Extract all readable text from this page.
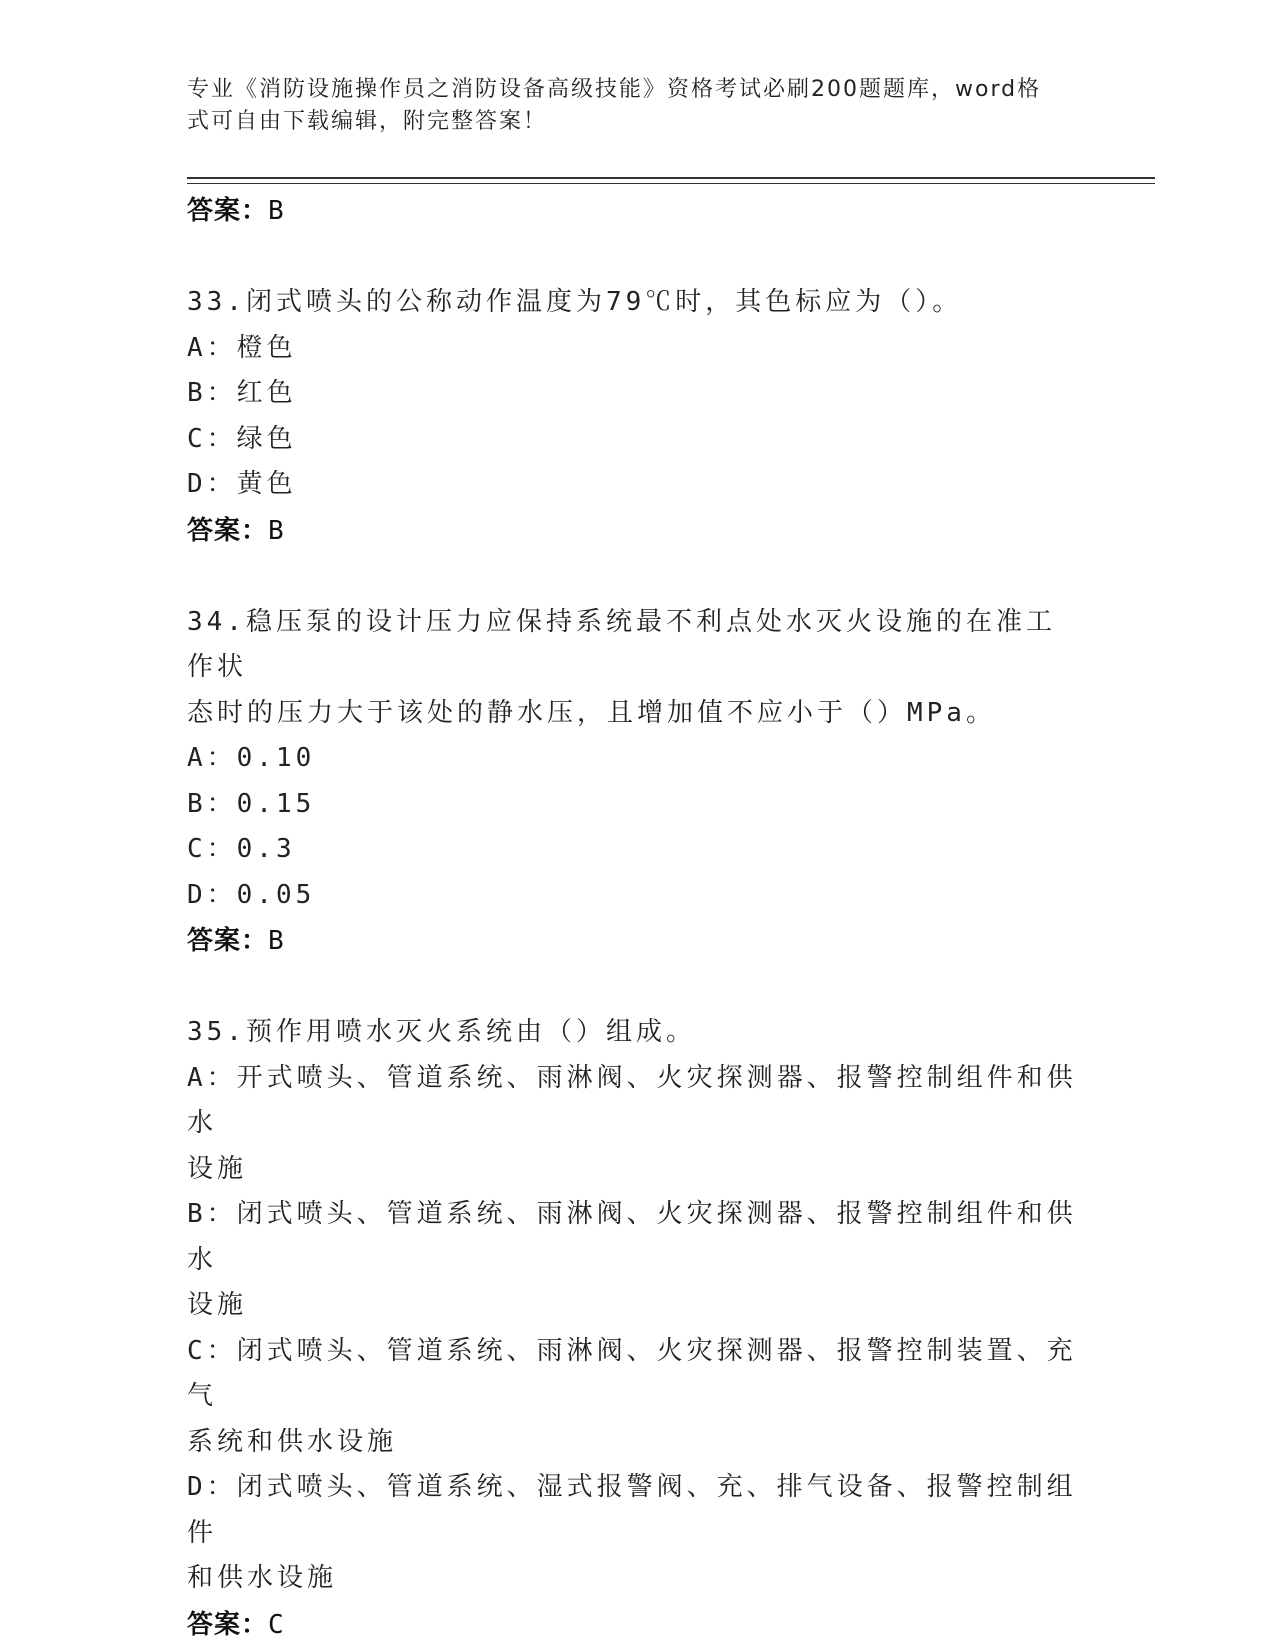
专业《消防设施操作员之消防设备高级技能》资格考试必刷200题题库，word格
式可自由下载编辑，附完整答案！
答案：B
33.闭式喷头的公称动作温度为79℃时，其色标应为（）。
A：橙色
B：红色
C：绿色
D：黄色
答案：B
34.稳压泵的设计压力应保持系统最不利点处水灭火设施的在准工作状
态时的压力大于该处的静水压，且增加值不应小于（）MPa。
A：0.10
B：0.15
C：0.3
D：0.05
答案：B
35.预作用喷水灭火系统由（）组成。
A：开式喷头、管道系统、雨淋阀、火灾探测器、报警控制组件和供水
设施
B：闭式喷头、管道系统、雨淋阀、火灾探测器、报警控制组件和供水
设施
C：闭式喷头、管道系统、雨淋阀、火灾探测器、报警控制装置、充气
系统和供水设施
D：闭式喷头、管道系统、湿式报警阀、充、排气设备、报警控制组件
和供水设施
答案：C
